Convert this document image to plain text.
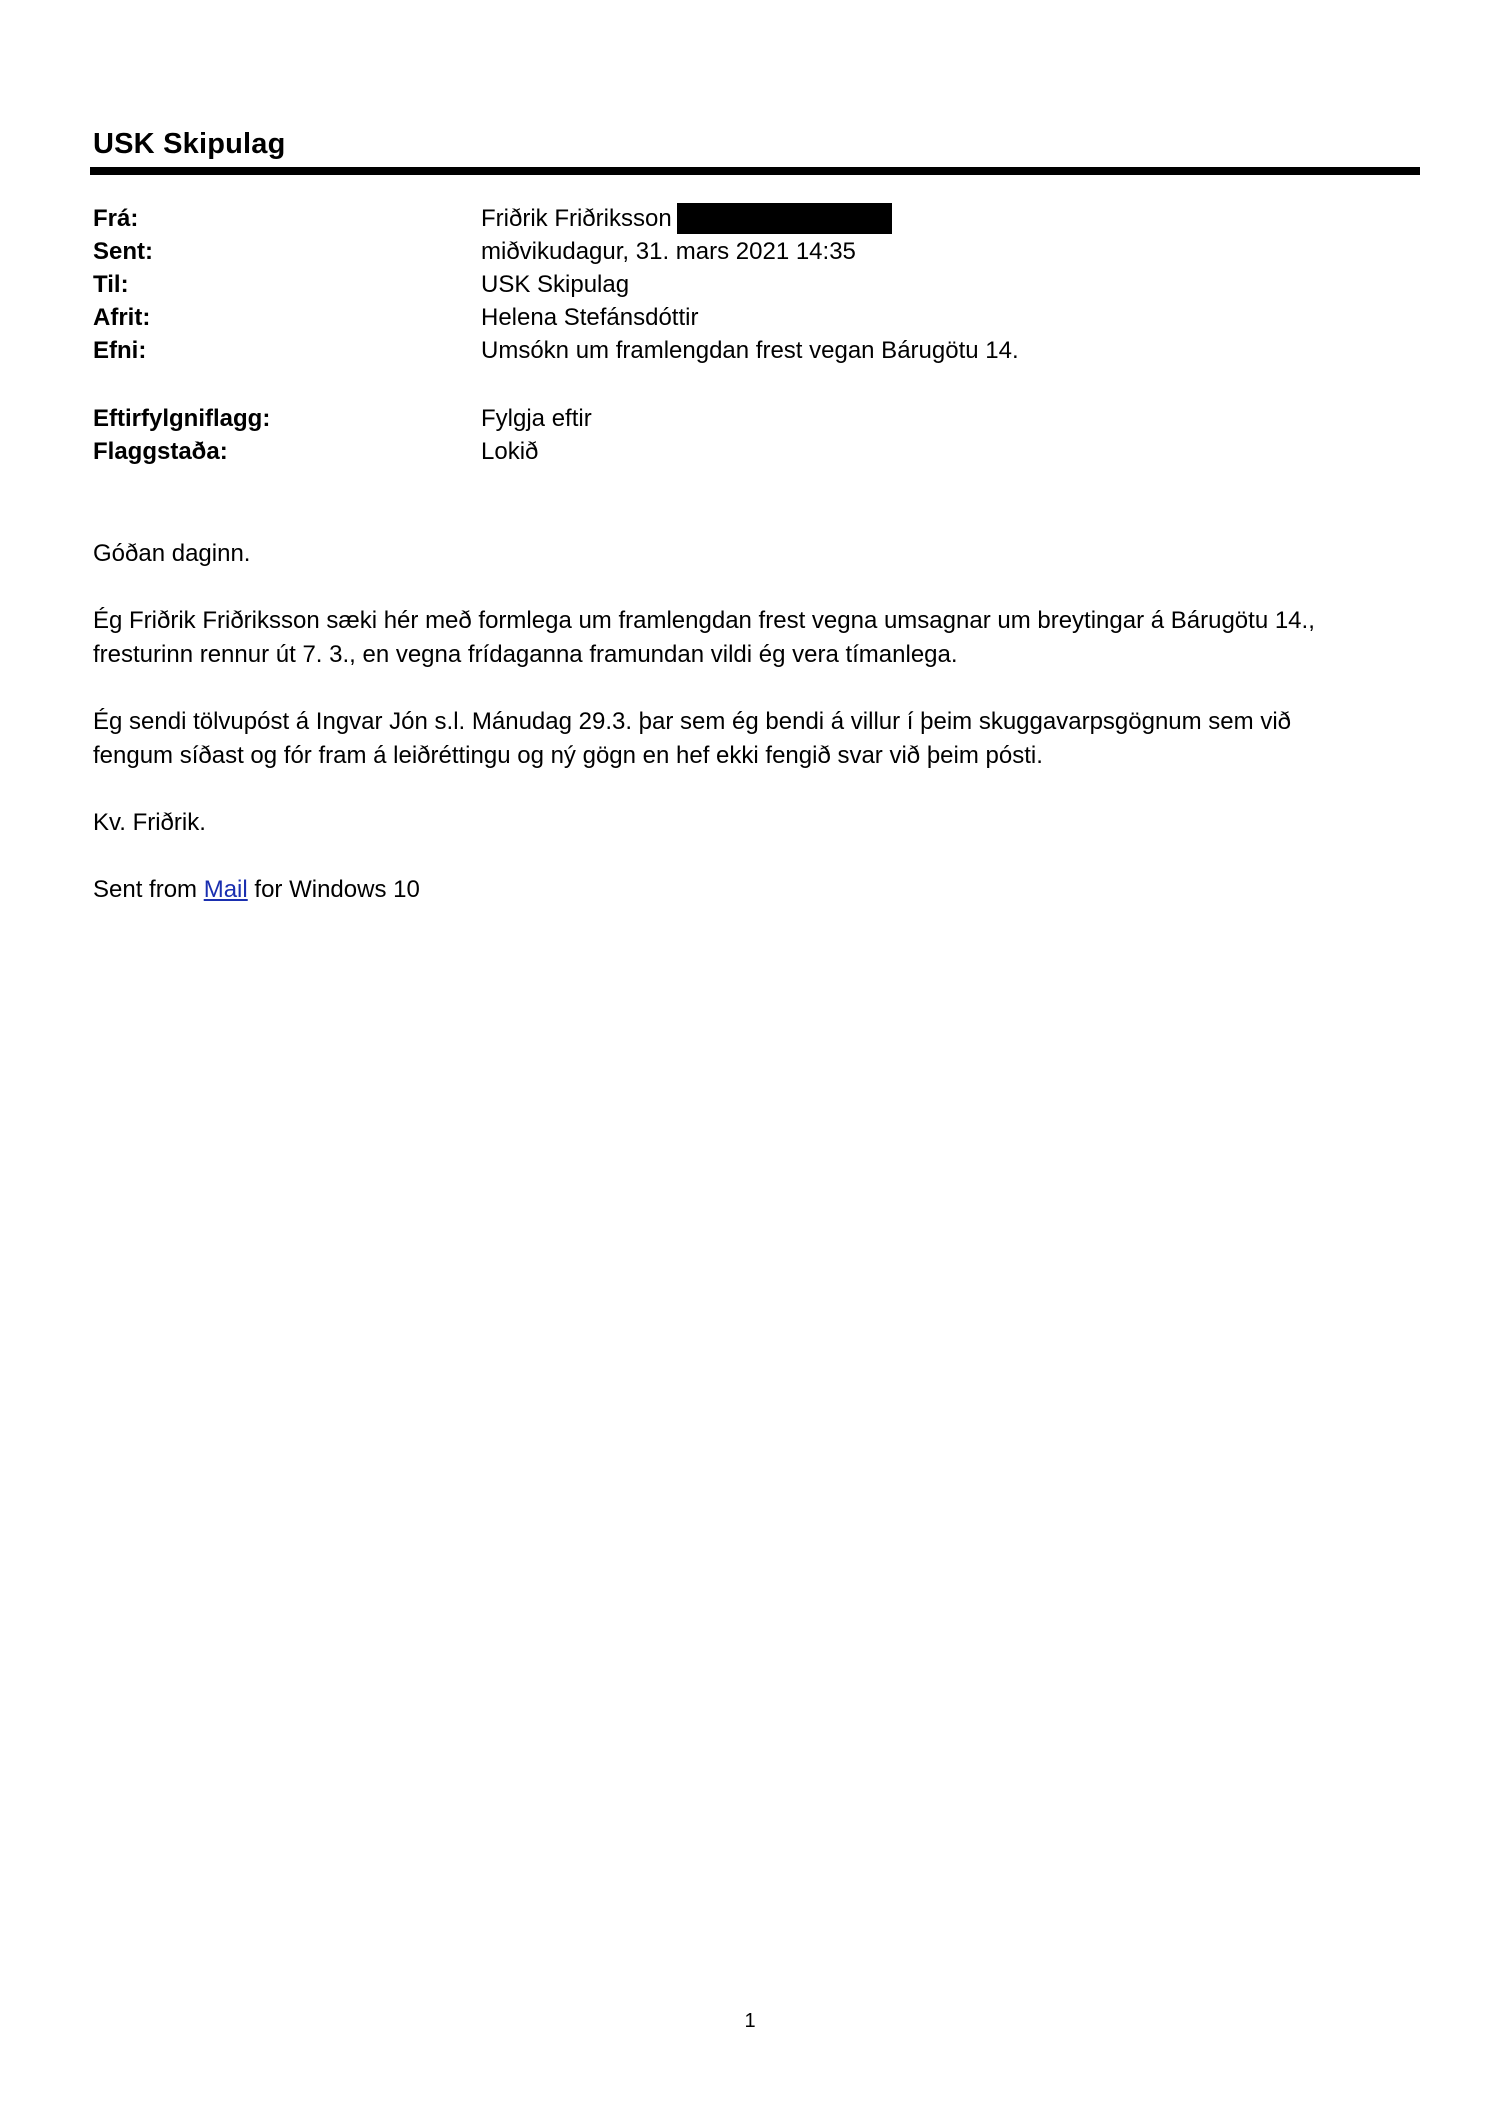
USK Skipulag
Frá:	Friðrik Friðriksson
Sent:	miðvikudagur, 31. mars 2021 14:35
Til:	USK Skipulag
Afrit:	Helena Stefánsdóttir
Efni:	Umsókn um framlengdan frest vegan Bárugötu 14.
Eftirfylgniflagg:	Fylgja eftir
Flaggstaða:	Lokið

Góðan daginn.

Ég Friðrik Friðriksson sæki hér með formlega um framlengdan frest vegna umsagnar um breytingar á Bárugötu 14.,
fresturinn rennur út 7. 3., en vegna frídaganna framundan vildi ég vera tímanlega.

Ég sendi tölvupóst á Ingvar Jón s.l. Mánudag 29.3. þar sem ég bendi á villur í þeim skuggavarpsgögnum sem við
fengum síðast og fór fram á leiðréttingu og ný gögn en hef ekki fengið svar við þeim pósti.

Kv. Friðrik.

Sent from Mail for Windows 10

1
